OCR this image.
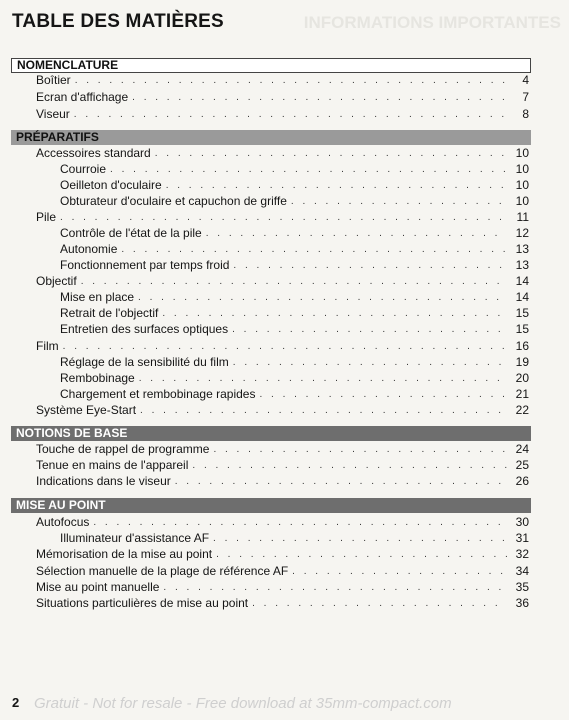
INFORMATIONS IMPORTANTES
TABLE DES MATIÈRES
NOMENCLATURE
Boîtier . . .	4
Ecran d'affichage . . .	7
Viseur . . .	8
PRÉPARATIFS
Accessoires standard . . .	10
Courroie . . .	10
Oeilleton d'oculaire . . .	10
Obturateur d'oculaire et capuchon de griffe . . .	10
Pile . . .	11
Contrôle de l'état de la pile . . .	12
Autonomie . . .	13
Fonctionnement par temps froid . . .	13
Objectif . . .	14
Mise en place . . .	14
Retrait de l'objectif . . .	15
Entretien des surfaces optiques . . .	15
Film . . .	16
Réglage de la sensibilité du film . . .	19
Rembobinage . . .	20
Chargement et rembobinage rapides . . .	21
Système Eye-Start . . .	22
NOTIONS DE BASE
Touche de rappel de programme . . .	24
Tenue en mains de l'appareil . . .	25
Indications dans le viseur . . .	26
MISE AU POINT
Autofocus . . .	30
Illuminateur d'assistance AF . . .	31
Mémorisation de la mise au point . . .	32
Sélection manuelle de la plage de référence AF . . .	34
Mise au point manuelle . . .	35
Situations particulières de mise au point . . .	36
2 Gratuit - Not for resale - Free download at 35mm-compact.com
